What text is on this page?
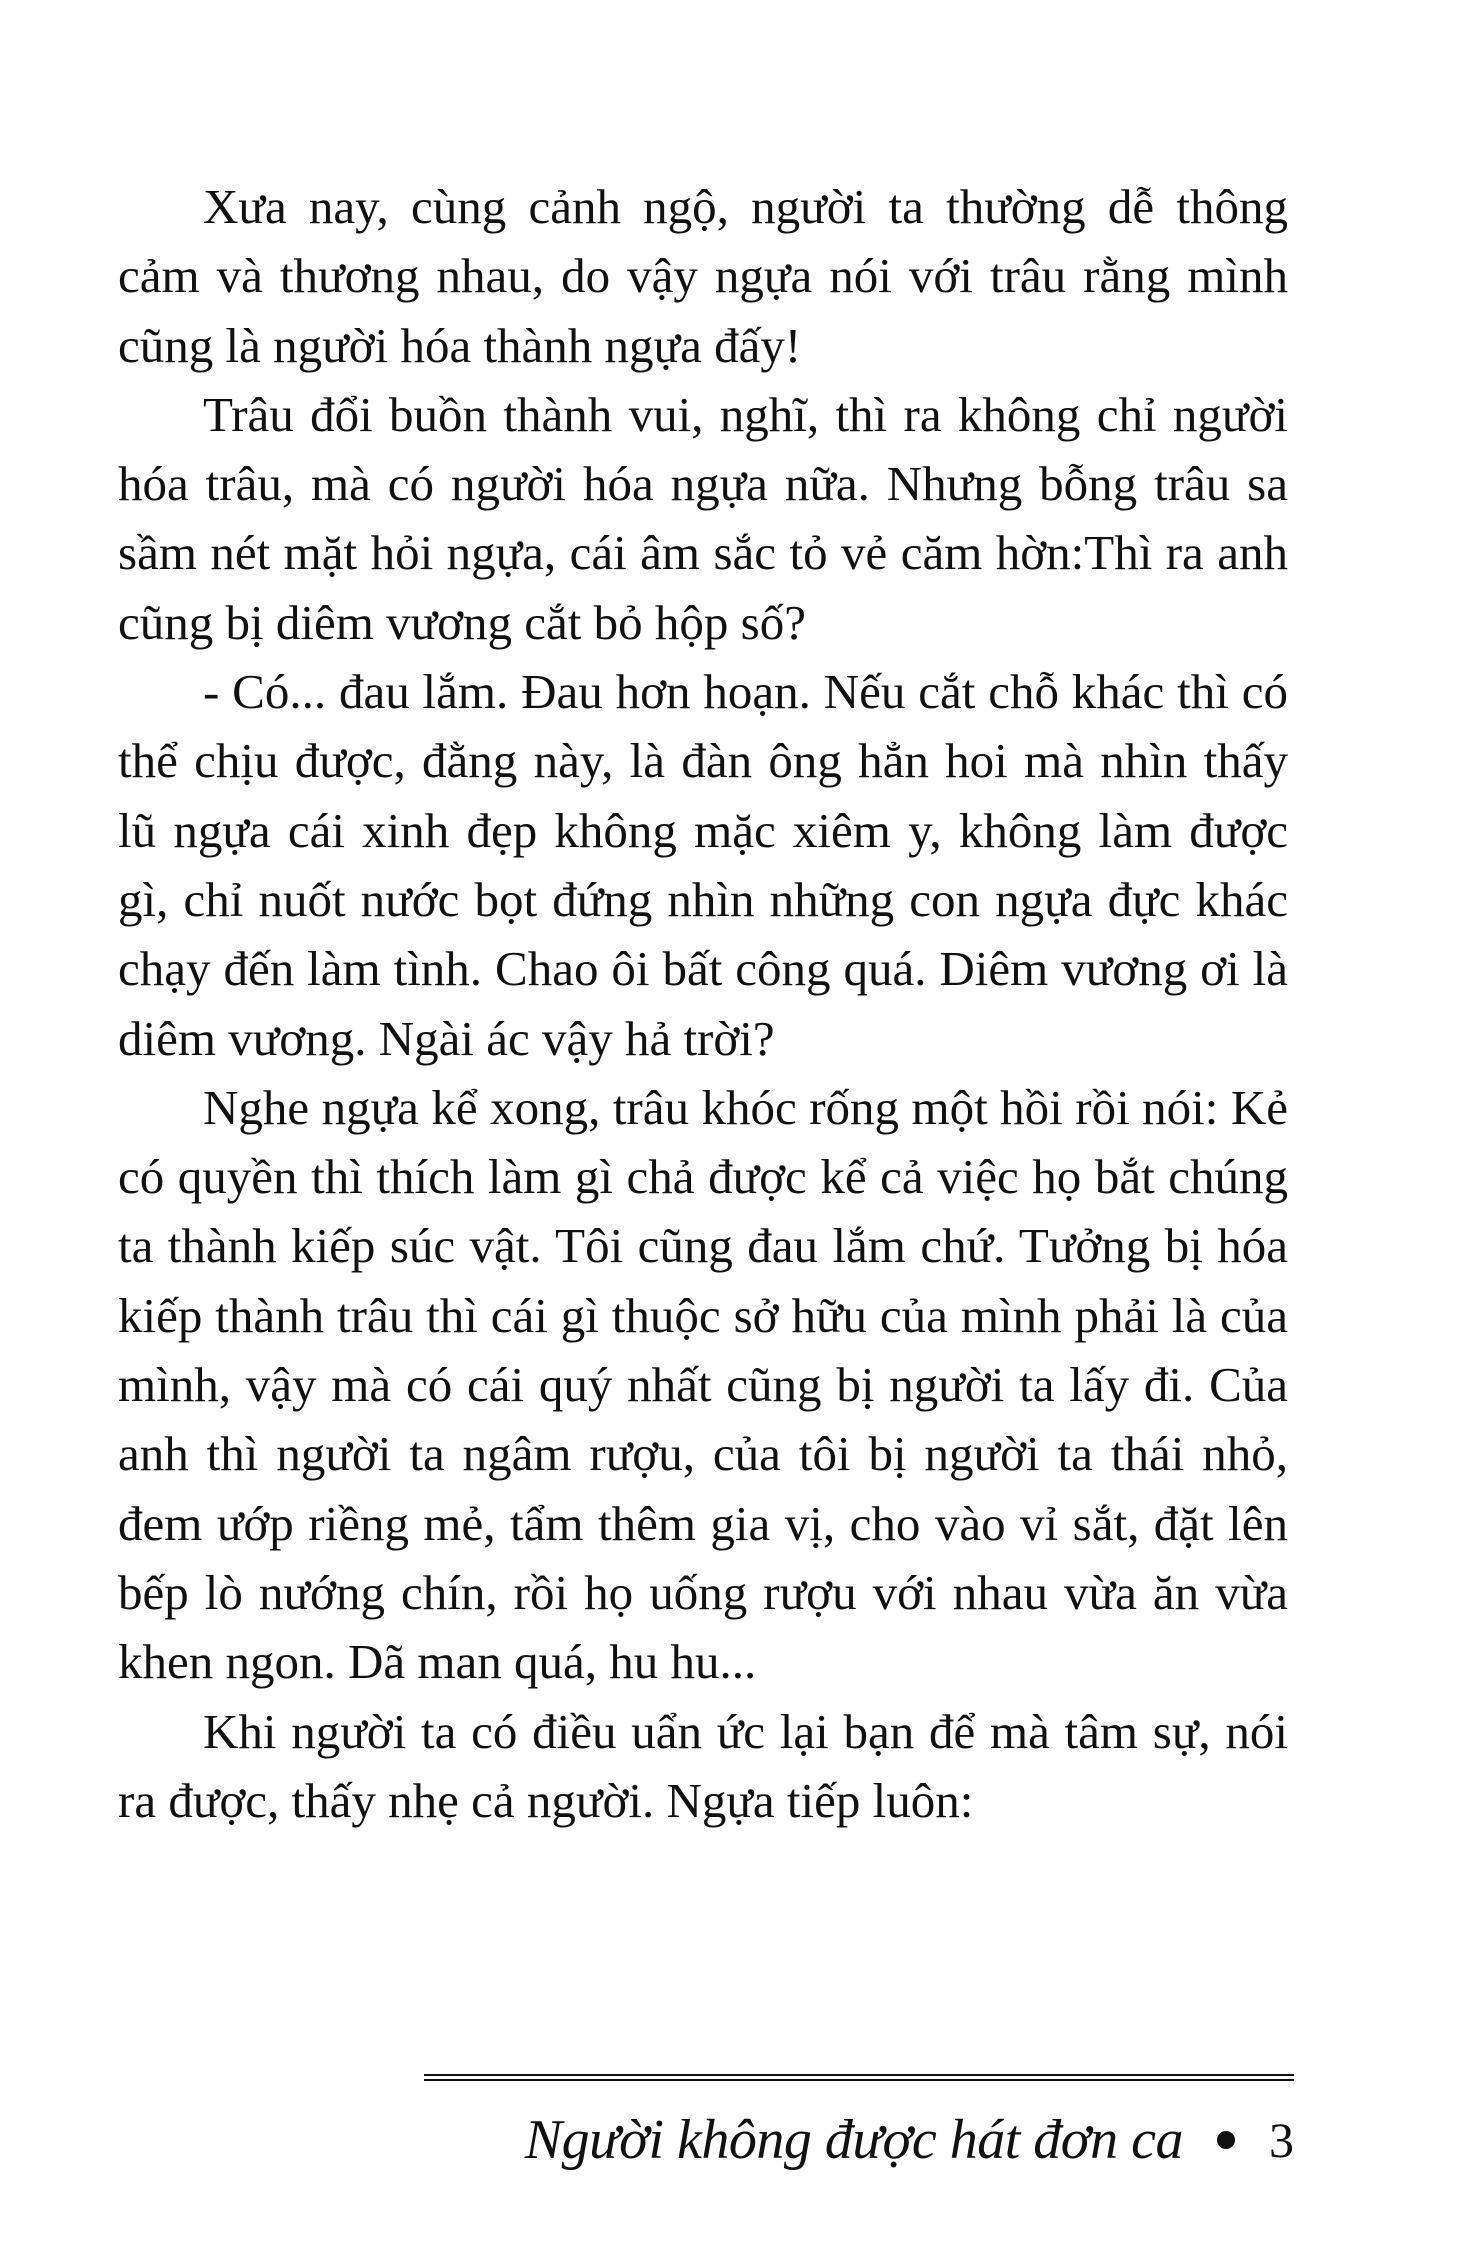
Xưa nay, cùng cảnh ngộ, người ta thường dễ thông cảm và thương nhau, do vậy ngựa nói với trâu rằng mình cũng là người hóa thành ngựa đấy!

Trâu đổi buồn thành vui, nghĩ, thì ra không chỉ người hóa trâu, mà có người hóa ngựa nữa. Nhưng bỗng trâu sa sầm nét mặt hỏi ngựa, cái âm sắc tỏ vẻ căm hờn:Thì ra anh cũng bị diêm vương cắt bỏ hộp số?

- Có... đau lắm. Đau hơn hoạn. Nếu cắt chỗ khác thì có thể chịu được, đằng này, là đàn ông hẳn hoi mà nhìn thấy lũ ngựa cái xinh đẹp không mặc xiêm y, không làm được gì, chỉ nuốt nước bọt đứng nhìn những con ngựa đực khác chạy đến làm tình. Chao ôi bất công quá. Diêm vương ơi là diêm vương. Ngài ác vậy hả trời?

Nghe ngựa kể xong, trâu khóc rống một hồi rồi nói: Kẻ có quyền thì thích làm gì chả được kể cả việc họ bắt chúng ta thành kiếp súc vật. Tôi cũng đau lắm chứ. Tưởng bị hóa kiếp thành trâu thì cái gì thuộc sở hữu của mình phải là của mình, vậy mà có cái quý nhất cũng bị người ta lấy đi. Của anh thì người ta ngâm rượu, của tôi bị người ta thái nhỏ, đem ướp riềng mẻ, tẩm thêm gia vị, cho vào vỉ sắt, đặt lên bếp lò nướng chín, rồi họ uống rượu với nhau vừa ăn vừa khen ngon. Dã man quá, hu hu...

Khi người ta có điều uẩn ức lại bạn để mà tâm sự, nói ra được, thấy nhẹ cả người. Ngựa tiếp luôn:

Người không được hát đơn ca 3
